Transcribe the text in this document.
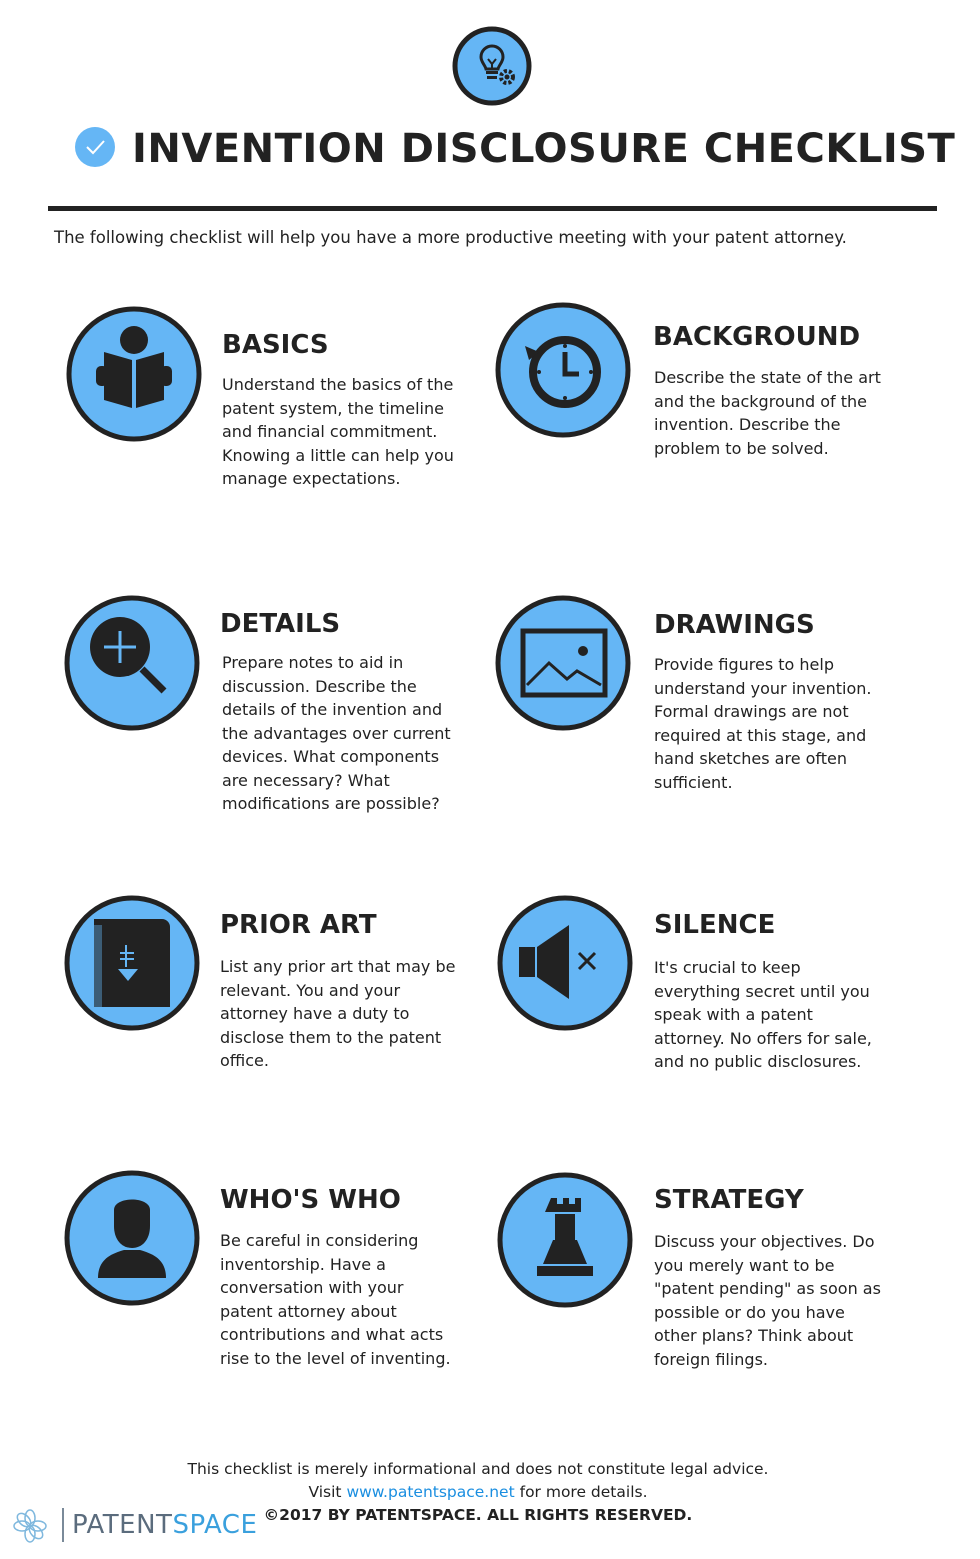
INVENTION DISCLOSURE CHECKLIST
The following checklist will help you have a more productive meeting with your patent attorney.
BASICS
Understand the basics of the
patent system, the timeline
and financial commitment.
Knowing a little can help you
manage expectations.
BACKGROUND
Describe the state of the art
and the background of the
invention. Describe the
problem to be solved.
DETAILS
Prepare notes to aid in
discussion. Describe the
details of the invention and
the advantages over current
devices. What components
are necessary? What
modifications are possible?
DRAWINGS
Provide figures to help
understand your invention.
Formal drawings are not
required at this stage, and
hand sketches are often
sufficient.
PRIOR ART
List any prior art that may be
relevant. You and your
attorney have a duty to
disclose them to the patent
office.
SILENCE
It's crucial to keep
everything secret until you
speak with a patent
attorney. No offers for sale,
and no public disclosures.
WHO'S WHO
Be careful in considering
inventorship. Have a
conversation with your
patent attorney about
contributions and what acts
rise to the level of inventing.
STRATEGY
Discuss your objectives. Do
you merely want to be
"patent pending" as soon as
possible or do you have
other plans? Think about
foreign filings.
This checklist is merely informational and does not constitute legal advice.
Visit www.patentspace.net for more details.
©2017 BY PATENTSPACE. ALL RIGHTS RESERVED.
PATENTSPACE
